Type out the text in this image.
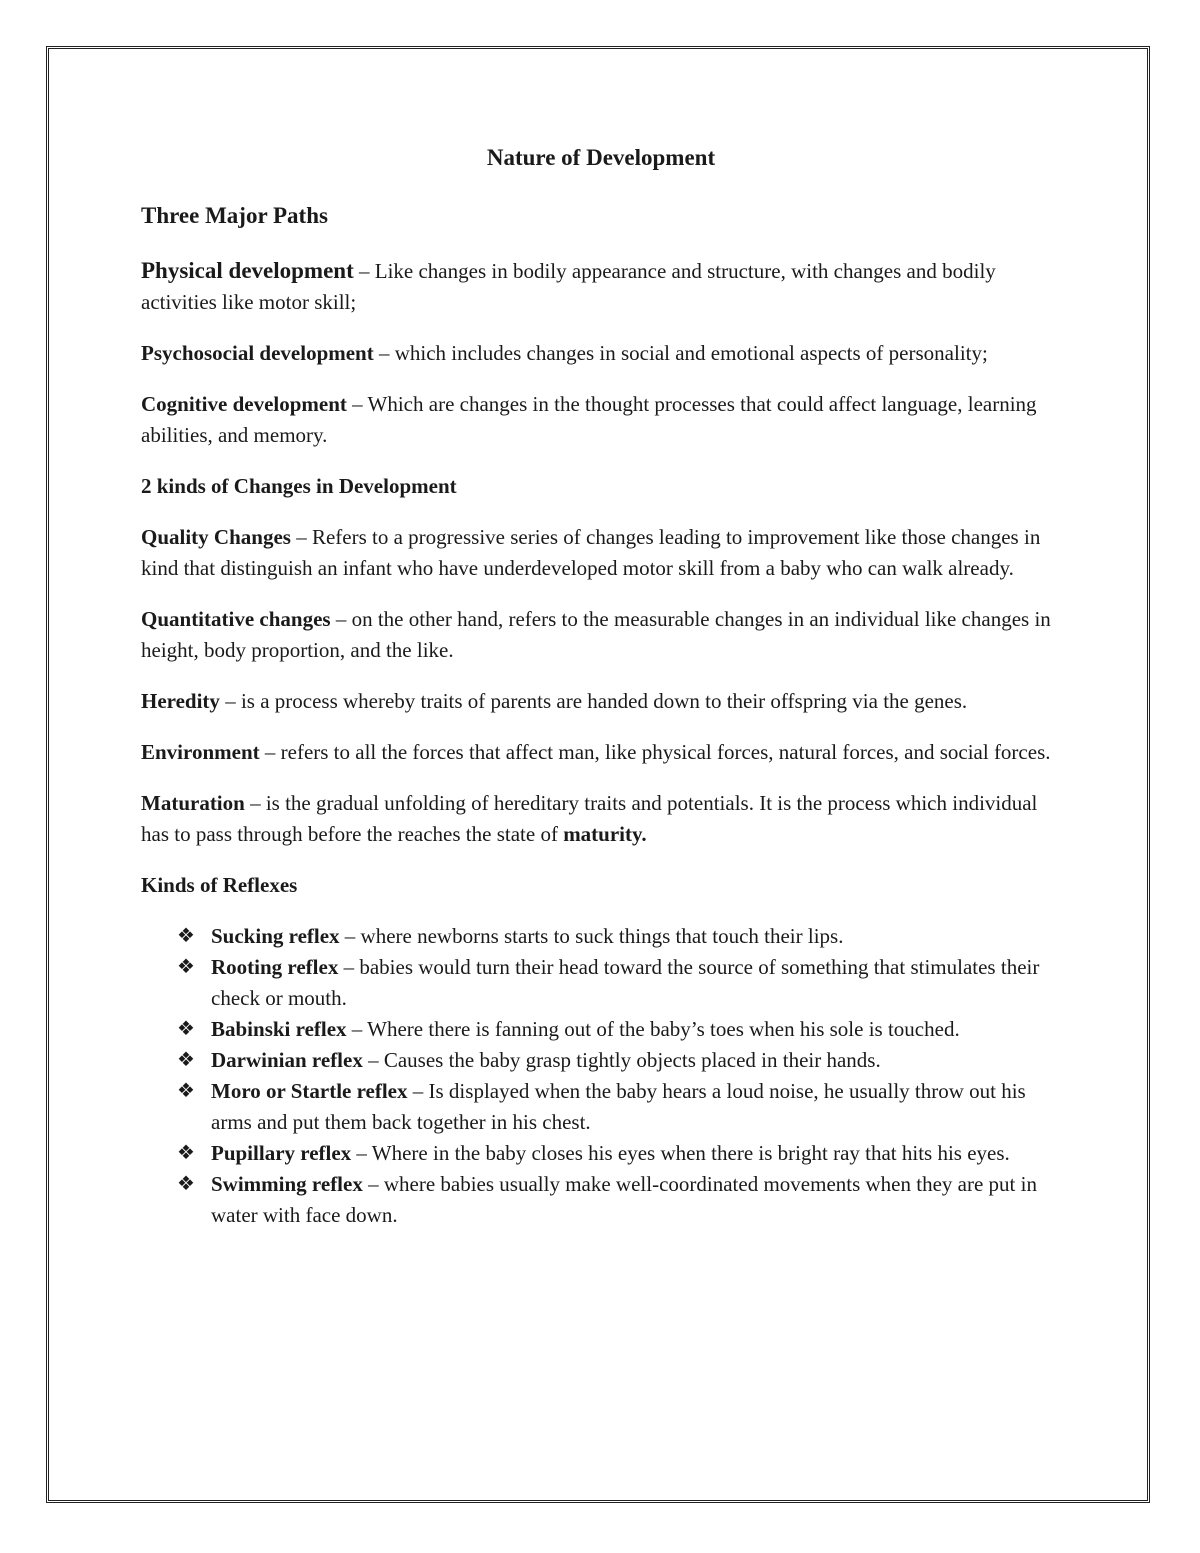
Nature of Development
Three Major Paths

Physical development – Like changes in bodily appearance and structure, with changes and bodily activities like motor skill;

Psychosocial development – which includes changes in social and emotional aspects of personality;

Cognitive development – Which are changes in the thought processes that could affect language, learning abilities, and memory.

2 kinds of Changes in Development

Quality Changes – Refers to a progressive series of changes leading to improvement like those changes in kind that distinguish an infant who have underdeveloped motor skill from a baby who can walk already.

Quantitative changes – on the other hand, refers to the measurable changes in an individual like changes in height, body proportion, and the like.

Heredity – is a process whereby traits of parents are handed down to their offspring via the genes.

Environment – refers to all the forces that affect man, like physical forces, natural forces, and social forces.

Maturation – is the gradual unfolding of hereditary traits and potentials. It is the process which individual has to pass through before the reaches the state of maturity.

Kinds of Reflexes
❖ Sucking reflex – where newborns starts to suck things that touch their lips.
❖ Rooting reflex – babies would turn their head toward the source of something that stimulates their check or mouth.
❖ Babinski reflex – Where there is fanning out of the baby’s toes when his sole is touched.
❖ Darwinian reflex – Causes the baby grasp tightly objects placed in their hands.
❖ Moro or Startle reflex – Is displayed when the baby hears a loud noise, he usually throw out his arms and put them back together in his chest.
❖ Pupillary reflex – Where in the baby closes his eyes when there is bright ray that hits his eyes.
❖ Swimming reflex – where babies usually make well-coordinated movements when they are put in water with face down.
